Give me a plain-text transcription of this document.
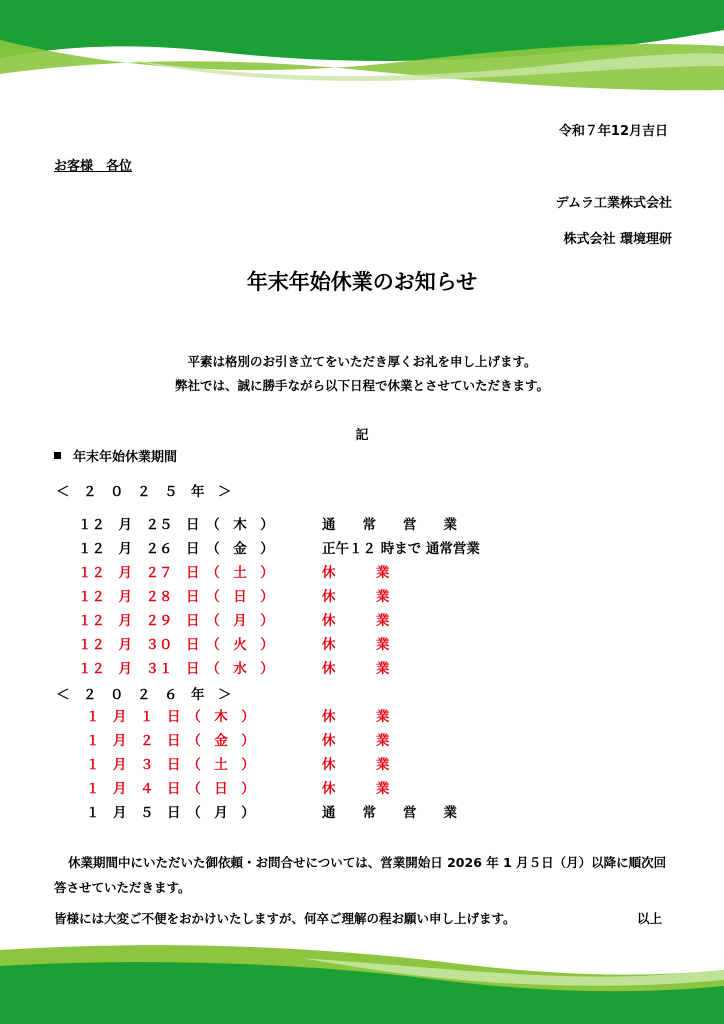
令和７年12月吉日
お客様　各位
デムラ工業株式会社
株式会社 環境理研
年末年始休業のお知らせ
平素は格別のお引き立てをいただき厚くお礼を申し上げます。
弊社では、誠に勝手ながら以下日程で休業とさせていただきます。
記
年末年始休業期間
＜　２　０　２　５　年　＞
１２　月　２５　日　（　木　）	通　　常　　営　　業
１２　月　２６　日　（　金　）	正午１２ 時まで 通常営業
１２　月　２７　日　（　土　）	休　　　業
１２　月　２８　日　（　日　）	休　　　業
１２　月　２９　日　（　月　）	休　　　業
１２　月　３０　日　（　火　）	休　　　業
１２　月　３１　日　（　水　）	休　　　業
＜　２　０　２　６　年　＞
１　月　１　日　（　木　）	休　　　業
１　月　２　日　（　金　）	休　　　業
１　月　３　日　（　土　）	休　　　業
１　月　４　日　（　日　）	休　　　業
１　月　５　日　（　月　）	通　　常　　営　　業
休業期間中にいただいた御依頼・お問合せについては、営業開始日 2026 年 1 月５日（月）以降に順次回答させていただきます。
皆様には大変ご不便をおかけいたしますが、何卒ご理解の程お願い申し上げます。	以上
